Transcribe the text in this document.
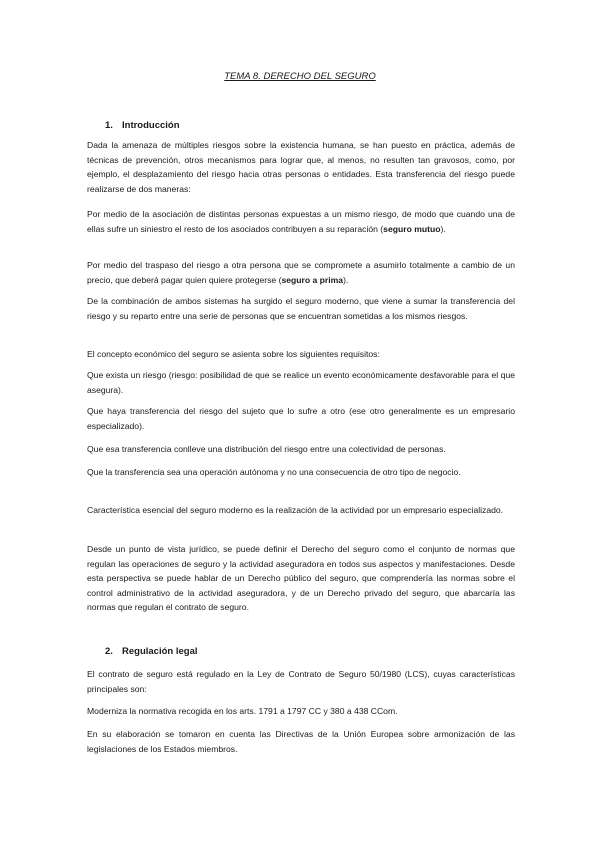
TEMA 8. DERECHO DEL SEGURO
1. Introducción

Dada la amenaza de múltiples riesgos sobre la existencia humana, se han puesto en práctica, además de técnicas de prevención, otros mecanismos para lograr que, al menos, no resulten tan gravosos, como, por ejemplo, el desplazamiento del riesgo hacia otras personas o entidades. Esta transferencia del riesgo puede realizarse de dos maneras:

Por medio de la asociación de distintas personas expuestas a un mismo riesgo, de modo que cuando una de ellas sufre un siniestro el resto de los asociados contribuyen a su reparación (seguro mutuo).

Por medio del traspaso del riesgo a otra persona que se compromete a asumirlo totalmente a cambio de un precio, que deberá pagar quien quiere protegerse (seguro a prima).

De la combinación de ambos sistemas ha surgido el seguro moderno, que viene a sumar la transferencia del riesgo y su reparto entre una serie de personas que se encuentran sometidas a los mismos riesgos.

El concepto económico del seguro se asienta sobre los siguientes requisitos:

Que exista un riesgo (riesgo: posibilidad de que se realice un evento económicamente desfavorable para el que asegura).

Que haya transferencia del riesgo del sujeto que lo sufre a otro (ese otro generalmente es un empresario especializado).

Que esa transferencia conlleve una distribución del riesgo entre una colectividad de personas.

Que la transferencia sea una operación autónoma y no una consecuencia de otro tipo de negocio.

Característica esencial del seguro moderno es la realización de la actividad por un empresario especializado.

Desde un punto de vista jurídico, se puede definir el Derecho del seguro como el conjunto de normas que regulan las operaciones de seguro y la actividad aseguradora en todos sus aspectos y manifestaciones. Desde esta perspectiva se puede hablar de un Derecho público del seguro, que comprendería las normas sobre el control administrativo de la actividad aseguradora, y de un Derecho privado del seguro, que abarcaría las normas que regulan el contrato de seguro.

2. Regulación legal

El contrato de seguro está regulado en la Ley de Contrato de Seguro 50/1980 (LCS), cuyas características principales son:

Moderniza la normativa recogida en los arts. 1791 a 1797 CC y 380 a 438 CCom.

En su elaboración se tomaron en cuenta las Directivas de la Unión Europea sobre armonización de las legislaciones de los Estados miembros.
